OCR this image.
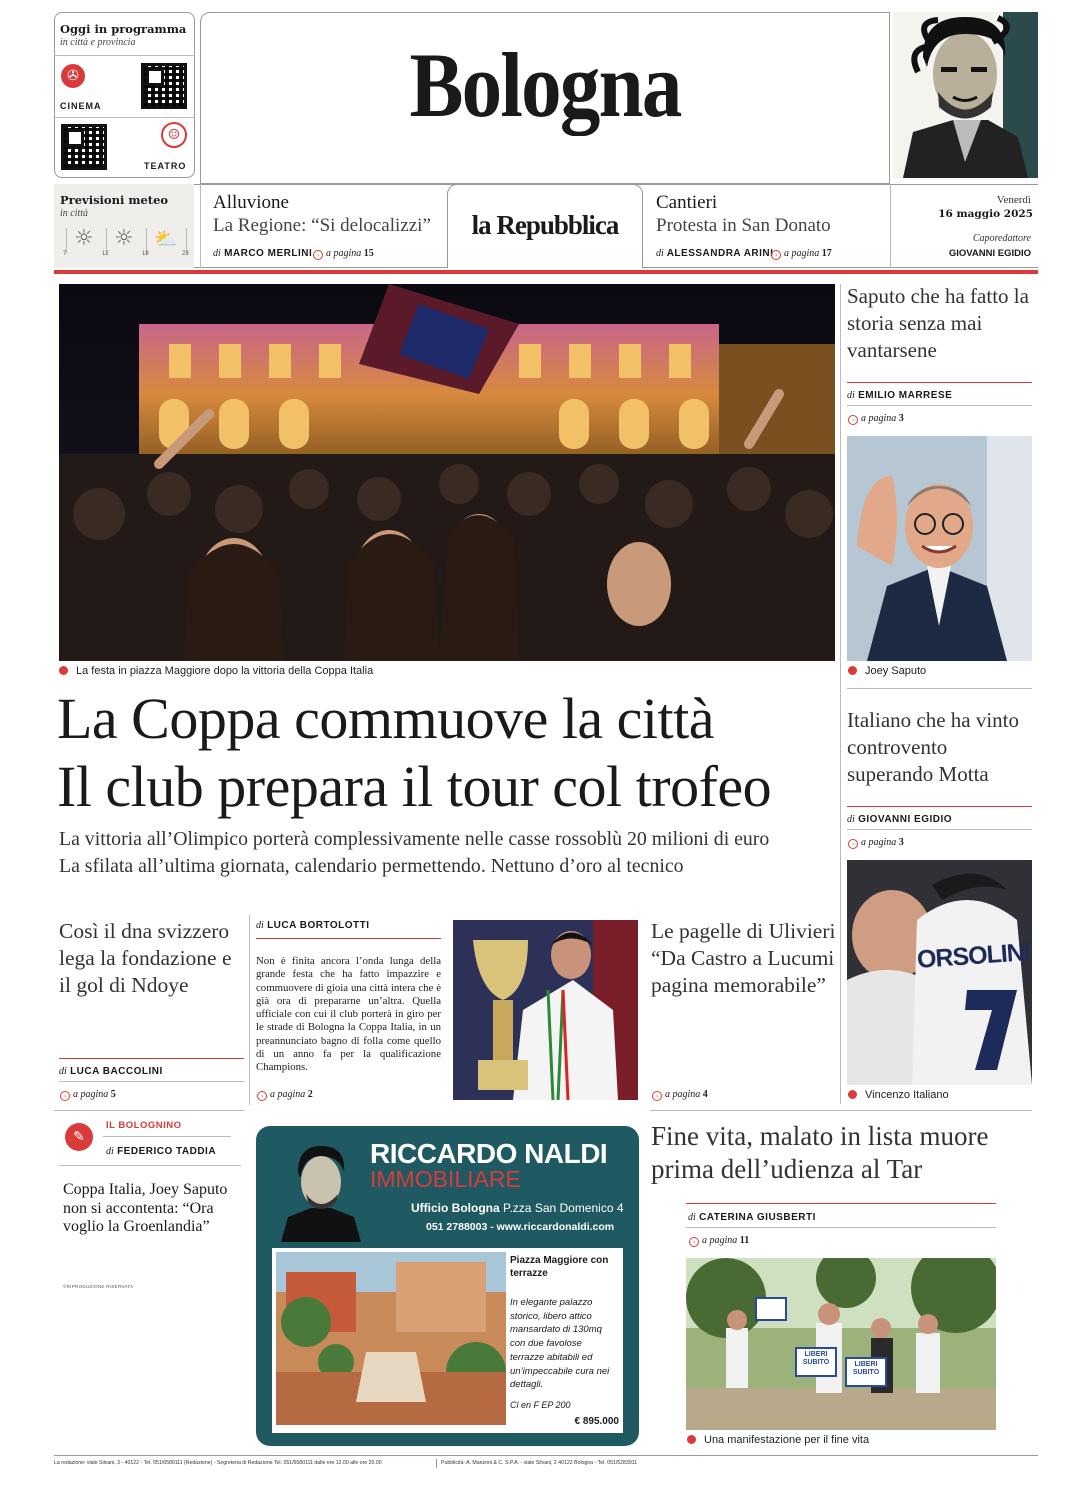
Oggi in programma
in città e provincia
✇
CINEMA
☺
TEATRO
Bologna
Previsioni meteo
in città
☼ ☼ ⛅
7	12	18	23
Alluvione
La Regione: “Si delocalizzi”
di MARCO MERLINI › a pagina 15
la Repubblica
Cantieri
Protesta in San Donato
di ALESSANDRA ARINI › a pagina 17
Venerdì
16 maggio 2025
Caporedattore
GIOVANNI EGIDIO
La festa in piazza Maggiore dopo la vittoria della Coppa Italia
La Coppa commuove la città
Il club prepara il tour col trofeo
La vittoria all’Olimpico porterà complessivamente nelle casse rossoblù 20 milioni di euro
La sfilata all’ultima giornata, calendario permettendo. Nettuno d’oro al tecnico
Saputo che ha fatto la storia senza mai vantarsene
di EMILIO MARRESE
› a pagina 3
Joey Saputo
Italiano che ha vinto controvento superando Motta
di GIOVANNI EGIDIO
› a pagina 3
ORSOLINI
Vincenzo Italiano
Così il dna svizzero lega la fondazione e il gol di Ndoye
di LUCA BACCOLINI
› a pagina 5
di LUCA BORTOLOTTI
Non è finita ancora l’onda lunga della grande festa che ha fatto impazzire e commuovere di gioia una città intera che è già ora di prepararne un’altra. Quella ufficiale con cui il club porterà in giro per le strade di Bologna la Coppa Italia, in un preannunciato bagno di folla come quello di un anno fa per la qualificazione Champions.
› a pagina 2
Le pagelle di Ulivieri “Da Castro a Lucumi pagina memorabile”
› a pagina 4
✎
IL BOLOGNINO
di FEDERICO TADDIA
Coppa Italia, Joey Saputo non si accontenta: “Ora voglio la Groenlandia”
©RIPRODUZIONE RISERVATA
RICCARDO NALDI
IMMOBILIARE
Ufficio Bologna P.zza San Domenico 4
051 2788003 - www.riccardonaldi.com
Piazza Maggiore con terrazze
In elegante palazzo storico, libero attico mansardato di 130mq con due favolose terrazze abitabili ed un’impeccabile cura nei dettagli.
Cl en F EP 200
€ 895.000
Fine vita, malato in lista muore prima dell’udienza al Tar
di CATERINA GIUSBERTI
› a pagina 11
LIBERI SUBITO	LIBERI SUBITO
Una manifestazione per il fine vita
La redazione: viale Silvani, 3 - 40122 - Tel. 051/6580111 (Redazione) - Segreteria di Redazione Tel. 051/6580111 dalle ore 12.00 alle ore 20.00	Pubblicità: A. Manzoni & C. S.P.A. - viale Silvani, 2 40122 Bologna - Tel. 051/5283911
